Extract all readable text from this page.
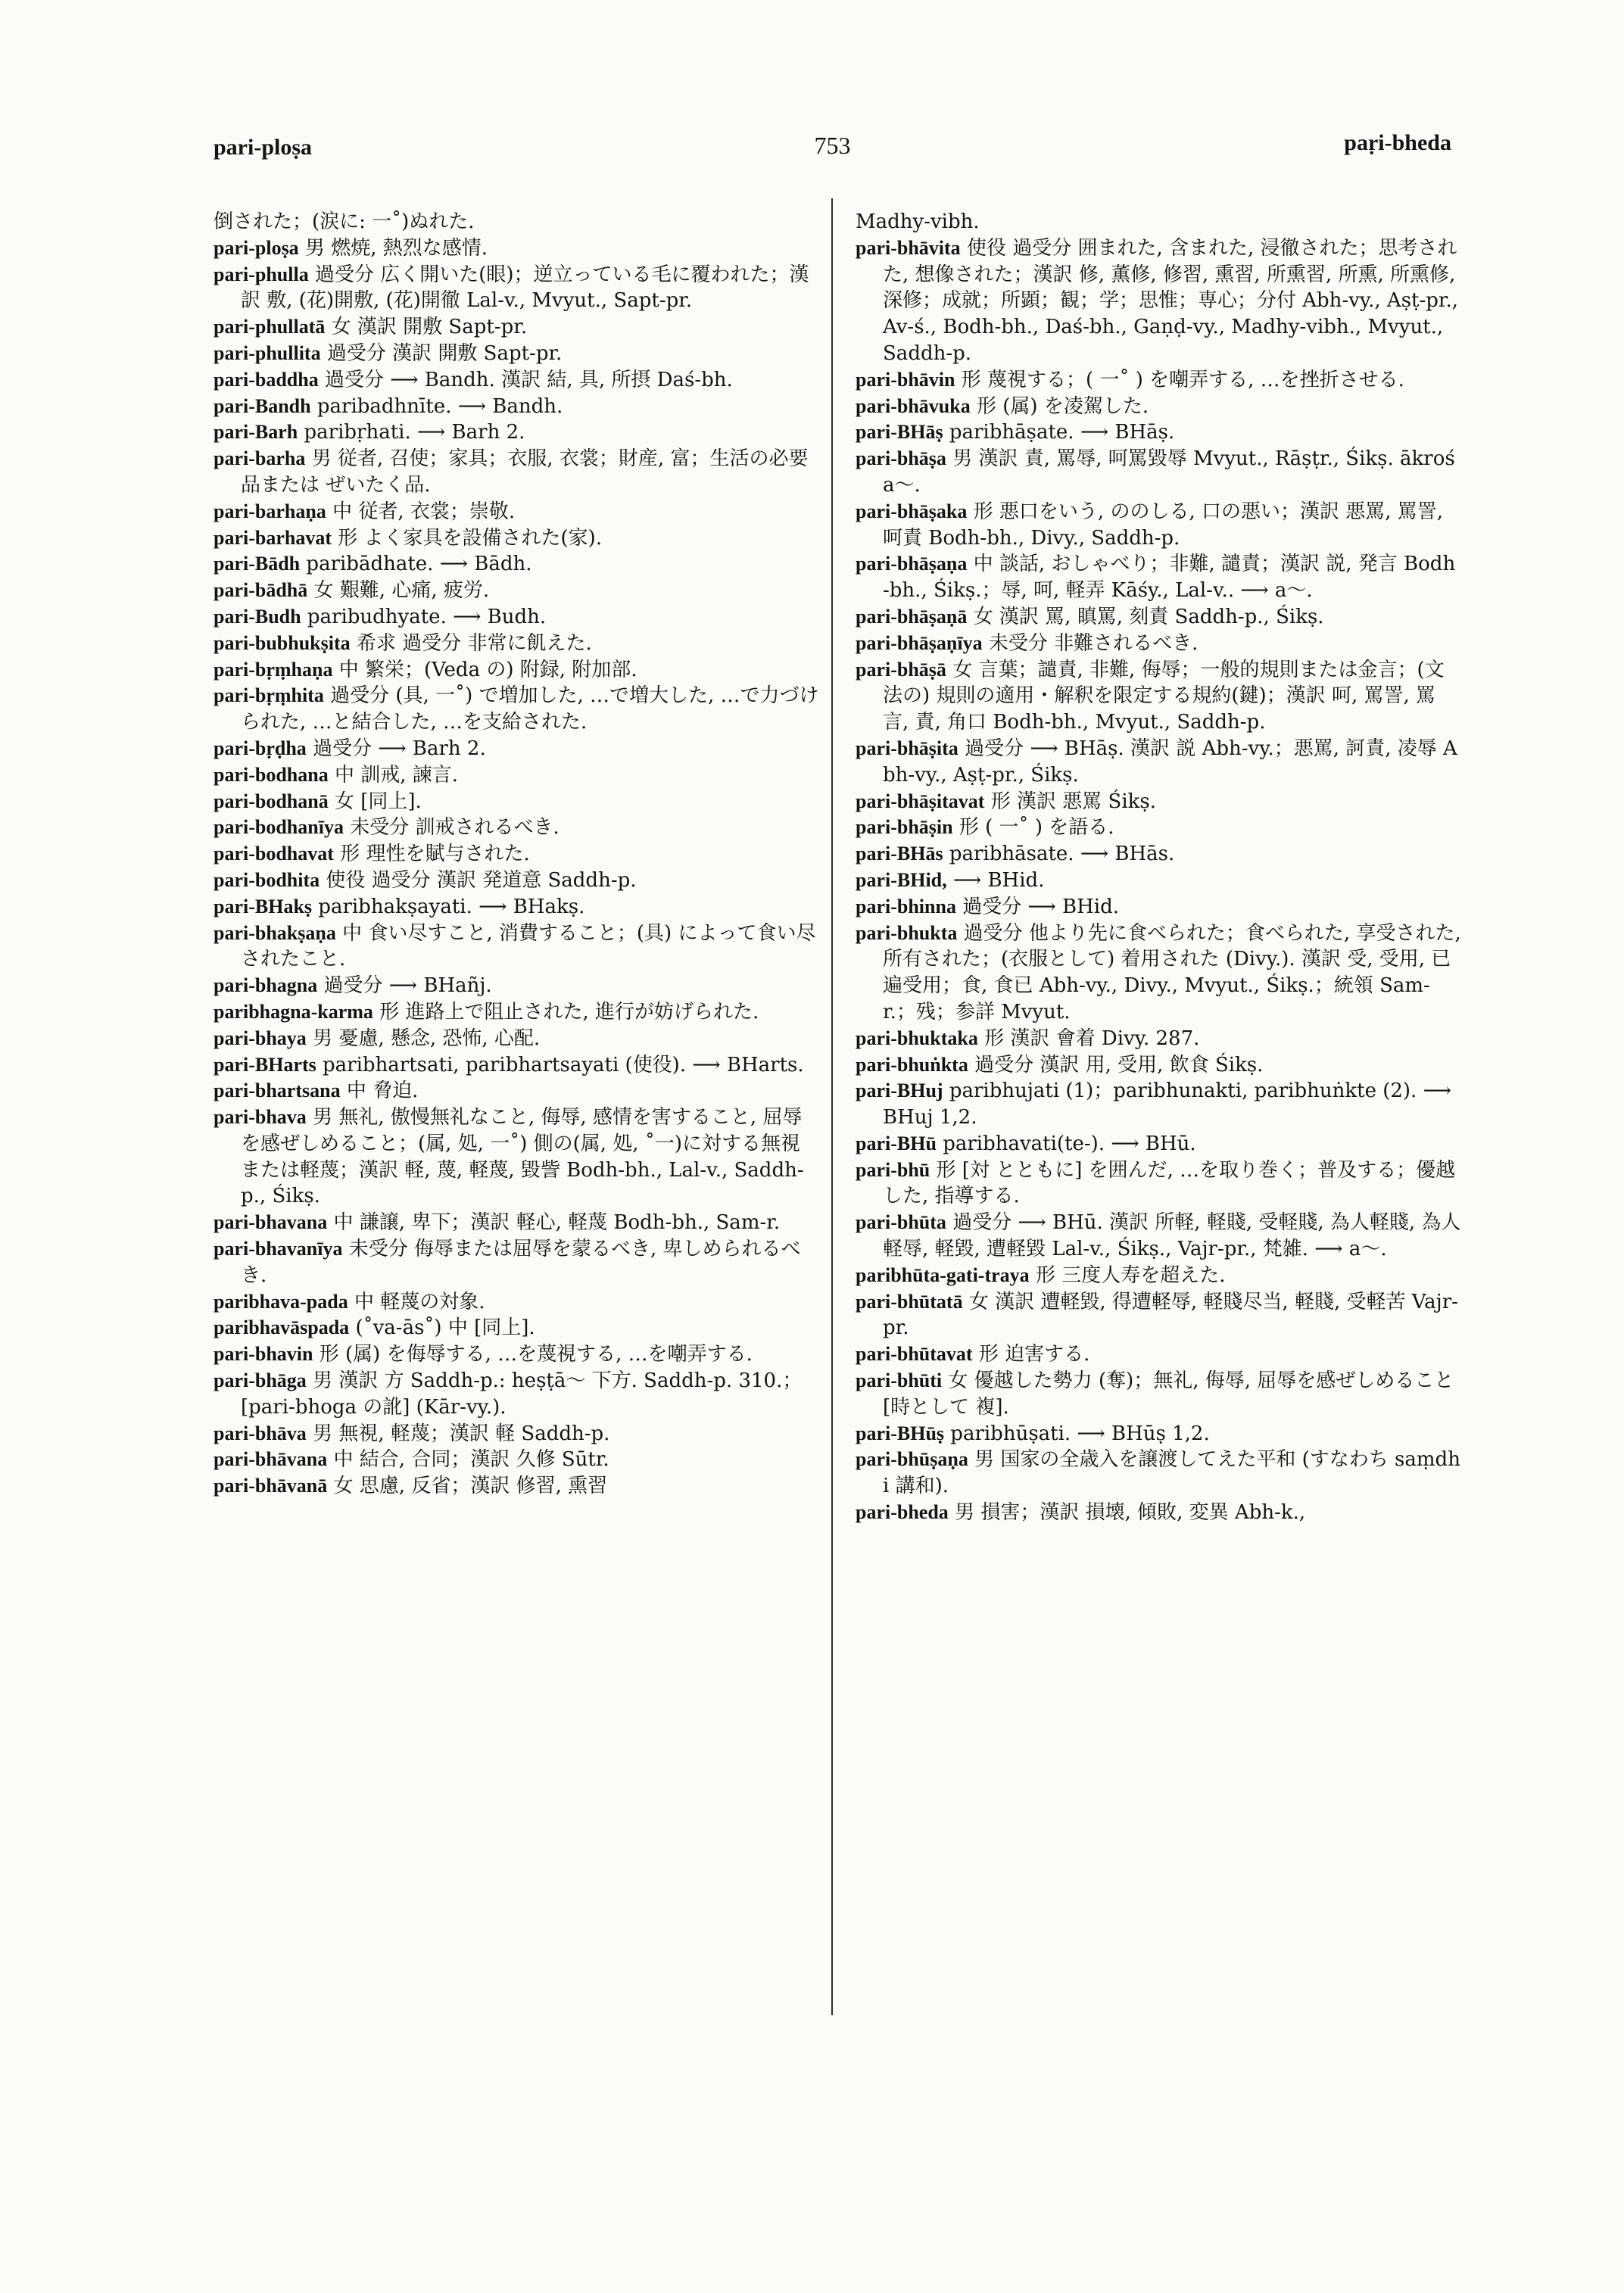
pari-ploṣa	753	paṛi-bheda

倒された；(涙に: 一˚)ぬれた.

pari-ploṣa 男 燃焼, 熱烈な感情.

pari-phulla 過受分 広く開いた(眼)；逆立っている毛に覆われた；漢訳 敷, (花)開敷, (花)開徹 Lal-v., Mvyut., Sapt-pr.

pari-phullatā 女 漢訳 開敷 Sapt-pr.

pari-phullita 過受分 漢訳 開敷 Sapt-pr.

pari-baddha 過受分 ⟶ Bandh. 漢訳 結, 具, 所摂 Daś-bh.

pari-Bandh paribadhnīte. ⟶ Bandh.

pari-Barh paribṛhati. ⟶ Barh 2.

pari-barha 男 従者, 召使；家具；衣服, 衣裳；財産, 富；生活の必要品または ぜいたく品.

pari-barhaṇa 中 従者, 衣裳；崇敬.

pari-barhavat 形 よく家具を設備された(家).

pari-Bādh paribādhate. ⟶ Bādh.

pari-bādhā 女 艱難, 心痛, 疲労.

pari-Budh paribudhyate. ⟶ Budh.

pari-bubhukṣita 希求 過受分 非常に飢えた.

pari-bṛṃhaṇa 中 繁栄；(Veda の) 附録, 附加部.

pari-bṛṃhita 過受分 (具, 一˚) で増加した, …で増大した, …で力づけられた, …と結合した, …を支給された.

pari-bṛḍha 過受分 ⟶ Barh 2.

pari-bodhana 中 訓戒, 諫言.

pari-bodhanā 女 [同上].

pari-bodhanīya 未受分 訓戒されるべき.

pari-bodhavat 形 理性を賦与された.

pari-bodhita 使役 過受分 漢訳 発道意 Saddh-p.

pari-BHakṣ paribhakṣayati. ⟶ BHakṣ.

pari-bhakṣaṇa 中 食い尽すこと, 消費すること；(具) によって食い尽されたこと.

pari-bhagna 過受分 ⟶ BHañj.

paribhagna-karma 形 進路上で阻止された, 進行が妨げられた.

pari-bhaya 男 憂慮, 懸念, 恐怖, 心配.

pari-BHarts paribhartsati, paribhartsayati (使役). ⟶ BHarts.

pari-bhartsana 中 脅迫.

pari-bhava 男 無礼, 傲慢無礼なこと, 侮辱, 感情を害すること, 屈辱を感ぜしめること；(属, 処, 一˚) 側の(属, 処, ˚一)に対する無視または軽蔑；漢訳 軽, 蔑, 軽蔑, 毀訾 Bodh-bh., Lal-v., Saddh-p., Śikṣ.

pari-bhavana 中 謙譲, 卑下；漢訳 軽心, 軽蔑 Bodh-bh., Sam-r.

pari-bhavanīya 未受分 侮辱または屈辱を蒙るべき, 卑しめられるべき.

paribhava-pada 中 軽蔑の対象.

paribhavāspada (˚va-ās˚) 中 [同上].

pari-bhavin 形 (属) を侮辱する, …を蔑視する, …を嘲弄する.

pari-bhāga 男 漢訳 方 Saddh-p.: heṣṭā～ 下方. Saddh-p. 310.；[pari-bhoga の訛] (Kār-vy.).

pari-bhāva 男 無視, 軽蔑；漢訳 軽 Saddh-p.

pari-bhāvana 中 結合, 合同；漢訳 久修 Sūtr.

pari-bhāvanā 女 思慮, 反省；漢訳 修習, 熏習

Madhy-vibh.

pari-bhāvita 使役 過受分 囲まれた, 含まれた, 浸徹された；思考された, 想像された；漢訳 修, 薫修, 修習, 熏習, 所熏習, 所熏, 所熏修, 深修；成就；所顕；観；学；思惟；専心；分付 Abh-vy., Aṣṭ-pr., Av-ś., Bodh-bh., Daś-bh., Gaṇḍ-vy., Madhy-vibh., Mvyut., Saddh-p.

pari-bhāvin 形 蔑視する；( 一˚ ) を嘲弄する, …を挫折させる.

pari-bhāvuka 形 (属) を凌駕した.

pari-BHāṣ paribhāṣate. ⟶ BHāṣ.

pari-bhāṣa 男 漢訳 責, 罵辱, 呵罵毀辱 Mvyut., Rāṣṭr., Śikṣ. ākrośa～.

pari-bhāṣaka 形 悪口をいう, ののしる, 口の悪い；漢訳 悪罵, 罵詈, 呵責 Bodh-bh., Divy., Saddh-p.

pari-bhāṣaṇa 中 談話, おしゃべり；非難, 譴責；漢訳 説, 発言 Bodh-bh., Śikṣ.；辱, 呵, 軽弄 Kāśy., Lal-v.. ⟶ a～.

pari-bhāṣaṇā 女 漢訳 罵, 瞋罵, 刻責 Saddh-p., Śikṣ.

pari-bhāṣaṇīya 未受分 非難されるべき.

pari-bhāṣā 女 言葉；譴責, 非難, 侮辱；一般的規則または金言；(文法の) 規則の適用・解釈を限定する規約(鍵)；漢訳 呵, 罵詈, 罵言, 責, 角口 Bodh-bh., Mvyut., Saddh-p.

pari-bhāṣita 過受分 ⟶ BHāṣ. 漢訳 説 Abh-vy.；悪罵, 訶責, 凌辱 Abh-vy., Aṣṭ-pr., Śikṣ.

pari-bhāṣitavat 形 漢訳 悪罵 Śikṣ.

pari-bhāṣin 形 ( 一˚ ) を語る.

pari-BHās paribhāsate. ⟶ BHās.

pari-BHid, ⟶ BHid.

pari-bhinna 過受分 ⟶ BHid.

pari-bhukta 過受分 他より先に食べられた；食べられた, 享受された, 所有された；(衣服として) 着用された (Divy.). 漢訳 受, 受用, 已遍受用；食, 食已 Abh-vy., Divy., Mvyut., Śikṣ.；統領 Sam-r.；残；参詳 Mvyut.

pari-bhuktaka 形 漢訳 會着 Divy. 287.

pari-bhuṅkta 過受分 漢訳 用, 受用, 飲食 Śikṣ.

pari-BHuj paribhujati (1)；paribhunakti, paribhuṅkte (2). ⟶ BHuj 1,2.

pari-BHū paribhavati(te-). ⟶ BHū.

pari-bhū 形 [対 とともに] を囲んだ, …を取り巻く；普及する；優越した, 指導する.

pari-bhūta 過受分 ⟶ BHū. 漢訳 所軽, 軽賤, 受軽賤, 為人軽賤, 為人軽辱, 軽毀, 遭軽毀 Lal-v., Śikṣ., Vajr-pr., 梵雑. ⟶ a～.

paribhūta-gati-traya 形 三度人寿を超えた.

pari-bhūtatā 女 漢訳 遭軽毀, 得遭軽辱, 軽賤尽当, 軽賤, 受軽苦 Vajr-pr.

pari-bhūtavat 形 迫害する.

pari-bhūti 女 優越した勢力 (奪)；無礼, 侮辱, 屈辱を感ぜしめること [時として 複].

pari-BHūṣ paribhūṣati. ⟶ BHūṣ 1,2.

pari-bhūṣaṇa 男 国家の全歳入を譲渡してえた平和 (すなわち saṃdhi 講和).

pari-bheda 男 損害；漢訳 損壊, 傾敗, 変異 Abh-k.,
